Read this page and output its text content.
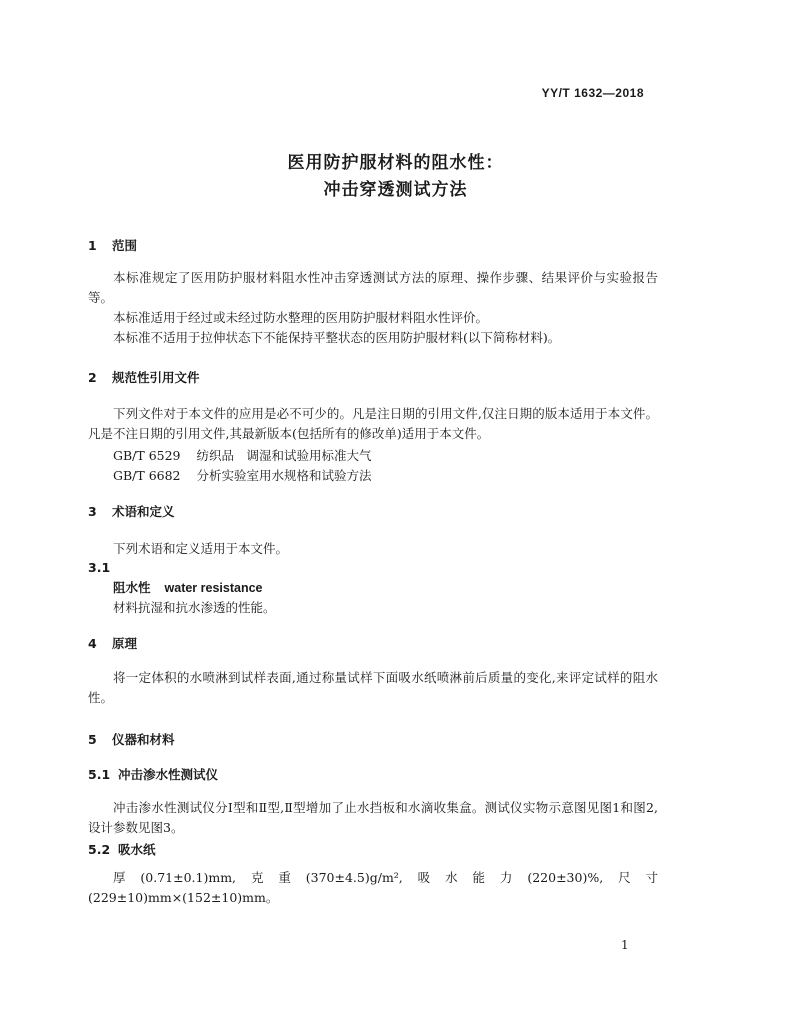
YY/T 1632—2018
医用防护服材料的阻水性：
冲击穿透测试方法
1 范围
本标准规定了医用防护服材料阻水性冲击穿透测试方法的原理、操作步骤、结果评价与实验报告等。
本标准适用于经过或未经过防水整理的医用防护服材料阻水性评价。
本标准不适用于拉伸状态下不能保持平整状态的医用防护服材料(以下简称材料)。
2 规范性引用文件
下列文件对于本文件的应用是必不可少的。凡是注日期的引用文件,仅注日期的版本适用于本文件。凡是不注日期的引用文件,其最新版本(包括所有的修改单)适用于本文件。
GB/T 6529 纺织品　调湿和试验用标准大气
GB/T 6682 分析实验室用水规格和试验方法
3 术语和定义
下列术语和定义适用于本文件。
3.1
阻水性 water resistance
材料抗湿和抗水渗透的性能。
4 原理
将一定体积的水喷淋到试样表面,通过称量试样下面吸水纸喷淋前后质量的变化,来评定试样的阻水性。
5 仪器和材料
5.1 冲击渗水性测试仪
冲击渗水性测试仪分Ⅰ型和Ⅱ型,Ⅱ型增加了止水挡板和水滴收集盒。测试仪实物示意图见图1和图2,设计参数见图3。
5.2 吸水纸
厚(0.71±0.1)mm,克重(370±4.5)g/m²,吸水能力(220±30)%,尺寸(229±10)mm×(152±10)mm。
1
